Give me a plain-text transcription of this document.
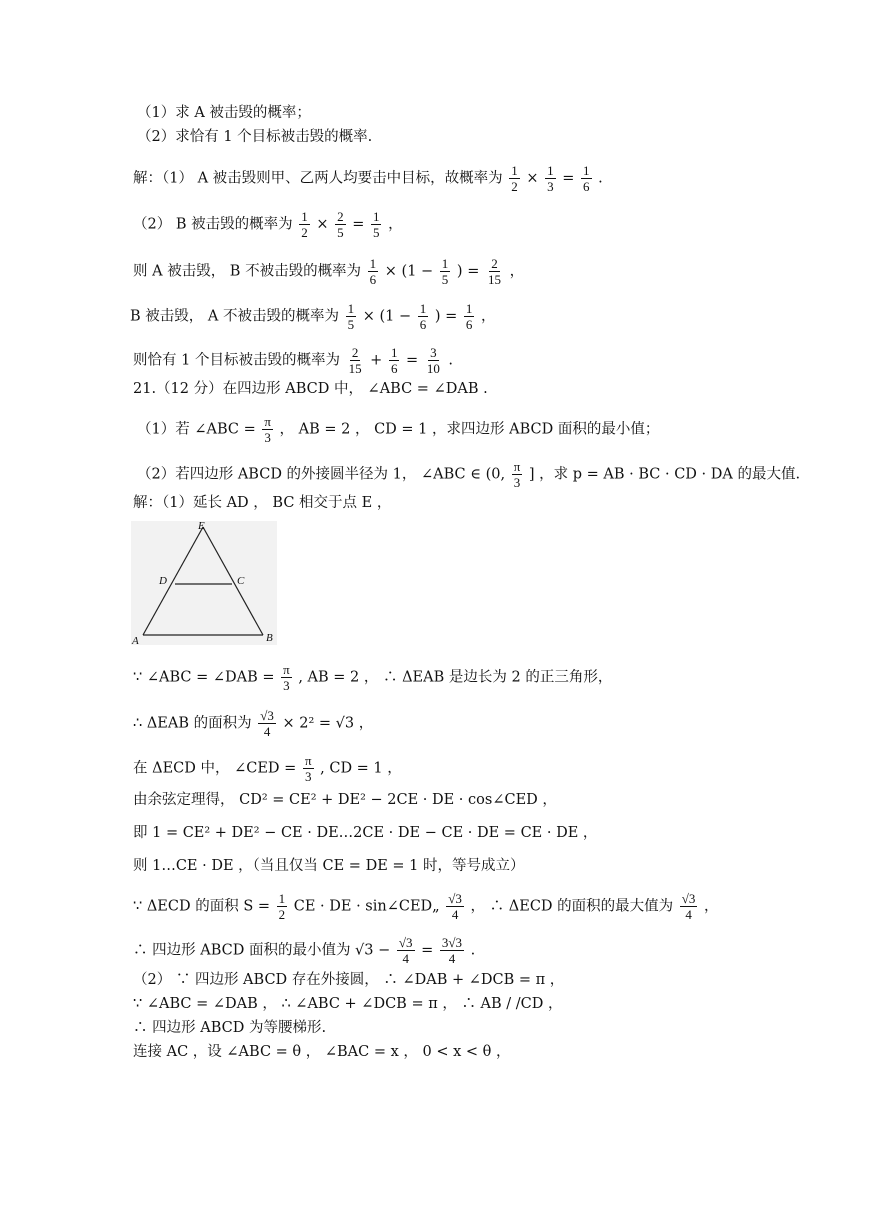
（1）求 A 被击毁的概率；
（2）求恰有 1 个目标被击毁的概率.
解：（1） A 被击毁则甲、乙两人均要击中目标，故概率为 $\frac{1}{2} \times \frac{1}{3} = \frac{1}{6}$ .
（2） B 被击毁的概率为 $\frac{1}{2} \times \frac{2}{5} = \frac{1}{5}$ ，
则 A 被击毁， B 不被击毁的概率为 $\frac{1}{6} \times (1 - \frac{1}{5}$ ) = $\frac{2}{15}$ ，
B 被击毁， A 不被击毁的概率为 $\frac{1}{5} \times (1 - \frac{1}{6}$ ) = $\frac{1}{6}$ ，
则恰有 1 个目标被击毁的概率为 $\frac{2}{15} + \frac{1}{6} = \frac{3}{10}$ .
21.（12 分）在四边形 ABCD 中， ∠ABC = ∠DAB .
（1）若 ∠ABC = $\frac{\pi}{3}$ ， AB = 2 ， CD = 1 ，求四边形 ABCD 面积的最小值；
（2）若四边形 ABCD 的外接圆半径为 1， ∠ABC ∈ (0, $\frac{\pi}{3}$ ] ，求 p = AB · BC · CD · DA 的最大值.
解：（1）延长 AD ， BC 相交于点 E ，
E
D	C
A	B
∵ ∠ABC = ∠DAB = $\frac{\pi}{3}$ , AB = 2 ， ∴ ΔEAB 是边长为 2 的正三角形，
∴ ΔEAB 的面积为 $\frac{√3}{4} \times 2^2 = √3$ ，
在 ΔECD 中， ∠CED = $\frac{\pi}{3}$ , CD = 1 ，
由余弦定理得， CD² = CE² + DE² − 2CE · DE · cos∠CED ，
即 1 = CE² + DE² − CE · DE…2CE · DE − CE · DE = CE · DE ，
则 1…CE · DE ，（当且仅当 CE = DE = 1 时，等号成立）
∵ ΔECD 的面积 $S = \frac{1}{2}$ CE · DE · sin∠CED„ $\frac{√3}{4}$ ， ∴ ΔECD 的面积的最大值为 $\frac{√3}{4}$ ，
∴ 四边形 ABCD 面积的最小值为 $√3 - \frac{√3}{4} = \frac{3√3}{4}$ .
（2） ∵ 四边形 ABCD 存在外接圆， ∴ ∠DAB + ∠DCB = π ，
∵ ∠ABC = ∠DAB ， ∴ ∠ABC + ∠DCB = π ， ∴ AB / /CD ，
∴ 四边形 ABCD 为等腰梯形.
连接 AC ，设 ∠ABC = θ ， ∠BAC = x ， 0 < x < θ ，
